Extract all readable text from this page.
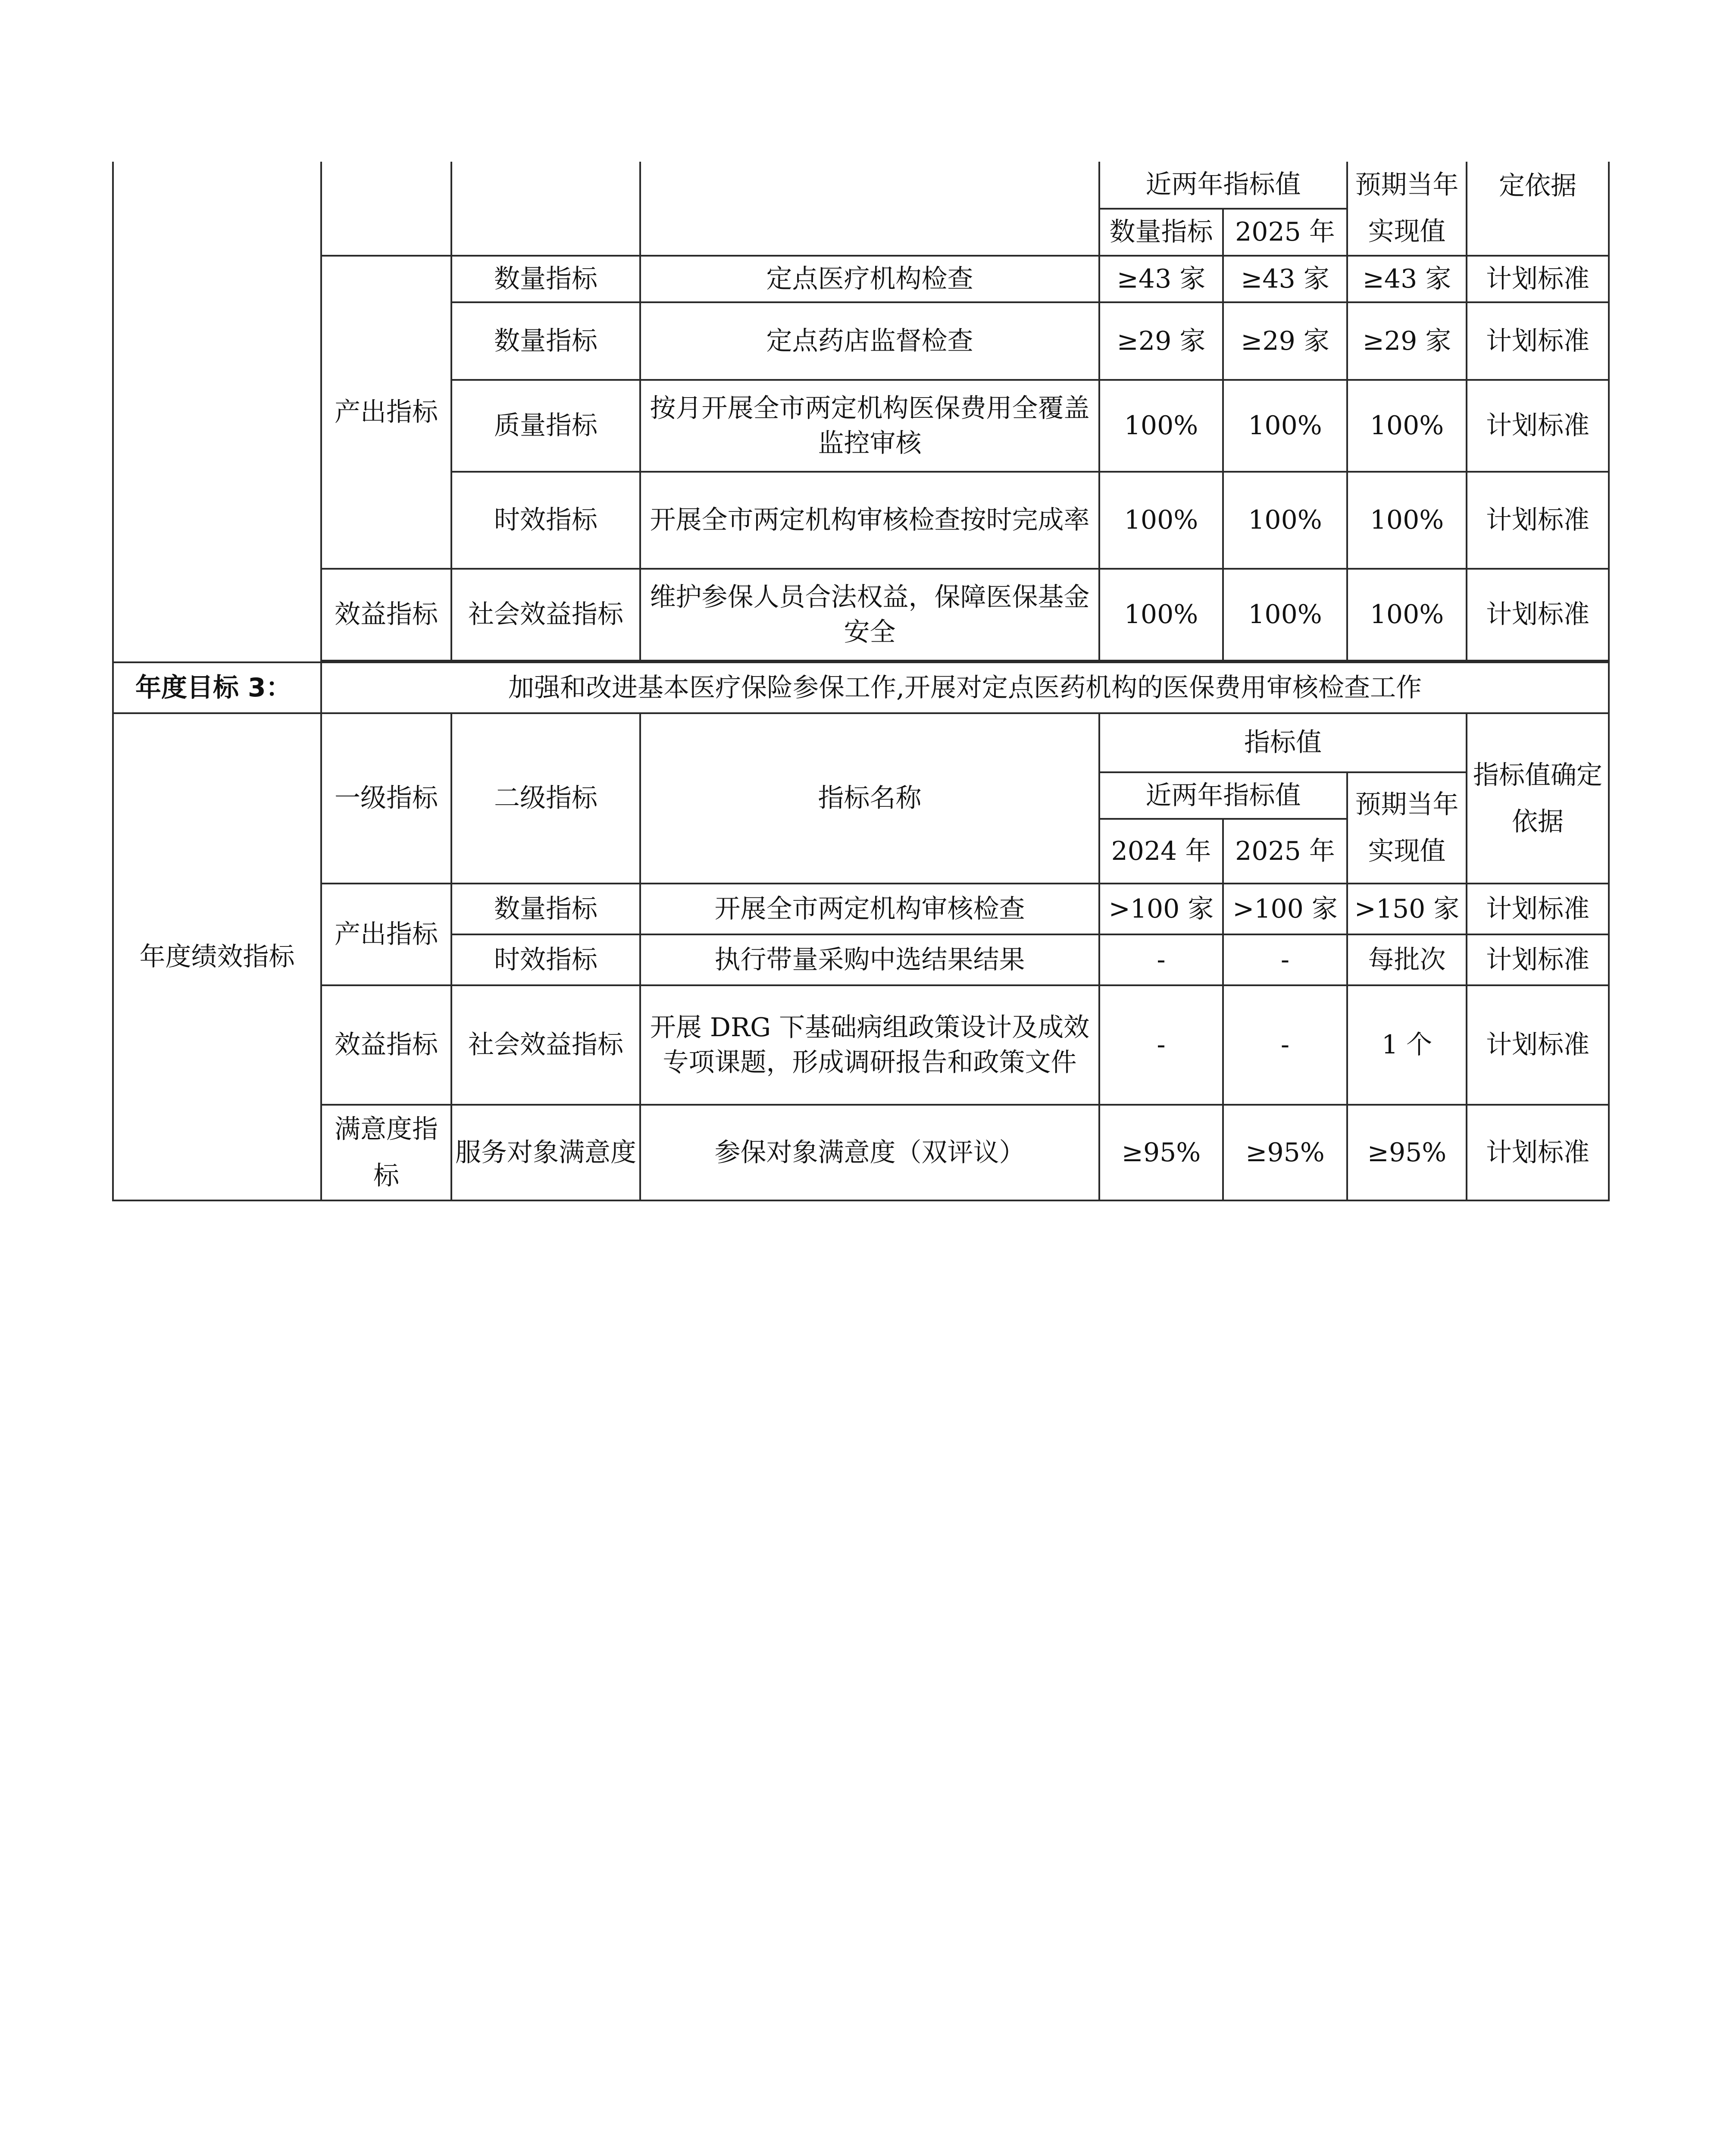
				近两年指标值		预期当年实现值	定依据
				数量指标	2025 年		
	产出指标	数量指标	定点医疗机构检查	≥43 家	≥43 家	≥43 家	计划标准
		数量指标	定点药店监督检查	≥29 家	≥29 家	≥29 家	计划标准
		质量指标	按月开展全市两定机构医保费用全覆盖监控审核	100%	100%	100%	计划标准
		时效指标	开展全市两定机构审核检查按时完成率	100%	100%	100%	计划标准
	效益指标	社会效益指标	维护参保人员合法权益，保障医保基金安全	100%	100%	100%	计划标准

年度目标 3：	加强和改进基本医疗保险参保工作,开展对定点医药机构的医保费用审核检查工作						
年度绩效指标	一级指标	二级指标	指标名称	指标值			指标值确定依据
				近两年指标值		预期当年实现值	
				2024 年	2025 年		
	产出指标	数量指标	开展全市两定机构审核检查	>100 家	>100 家	>150 家	计划标准
		时效指标	执行带量采购中选结果结果	-	-	每批次	计划标准
	效益指标	社会效益指标	开展 DRG 下基础病组政策设计及成效专项课题，形成调研报告和政策文件	-	-	1 个	计划标准
	满意度指标	服务对象满意度	参保对象满意度（双评议）	≥95%	≥95%	≥95%	计划标准
